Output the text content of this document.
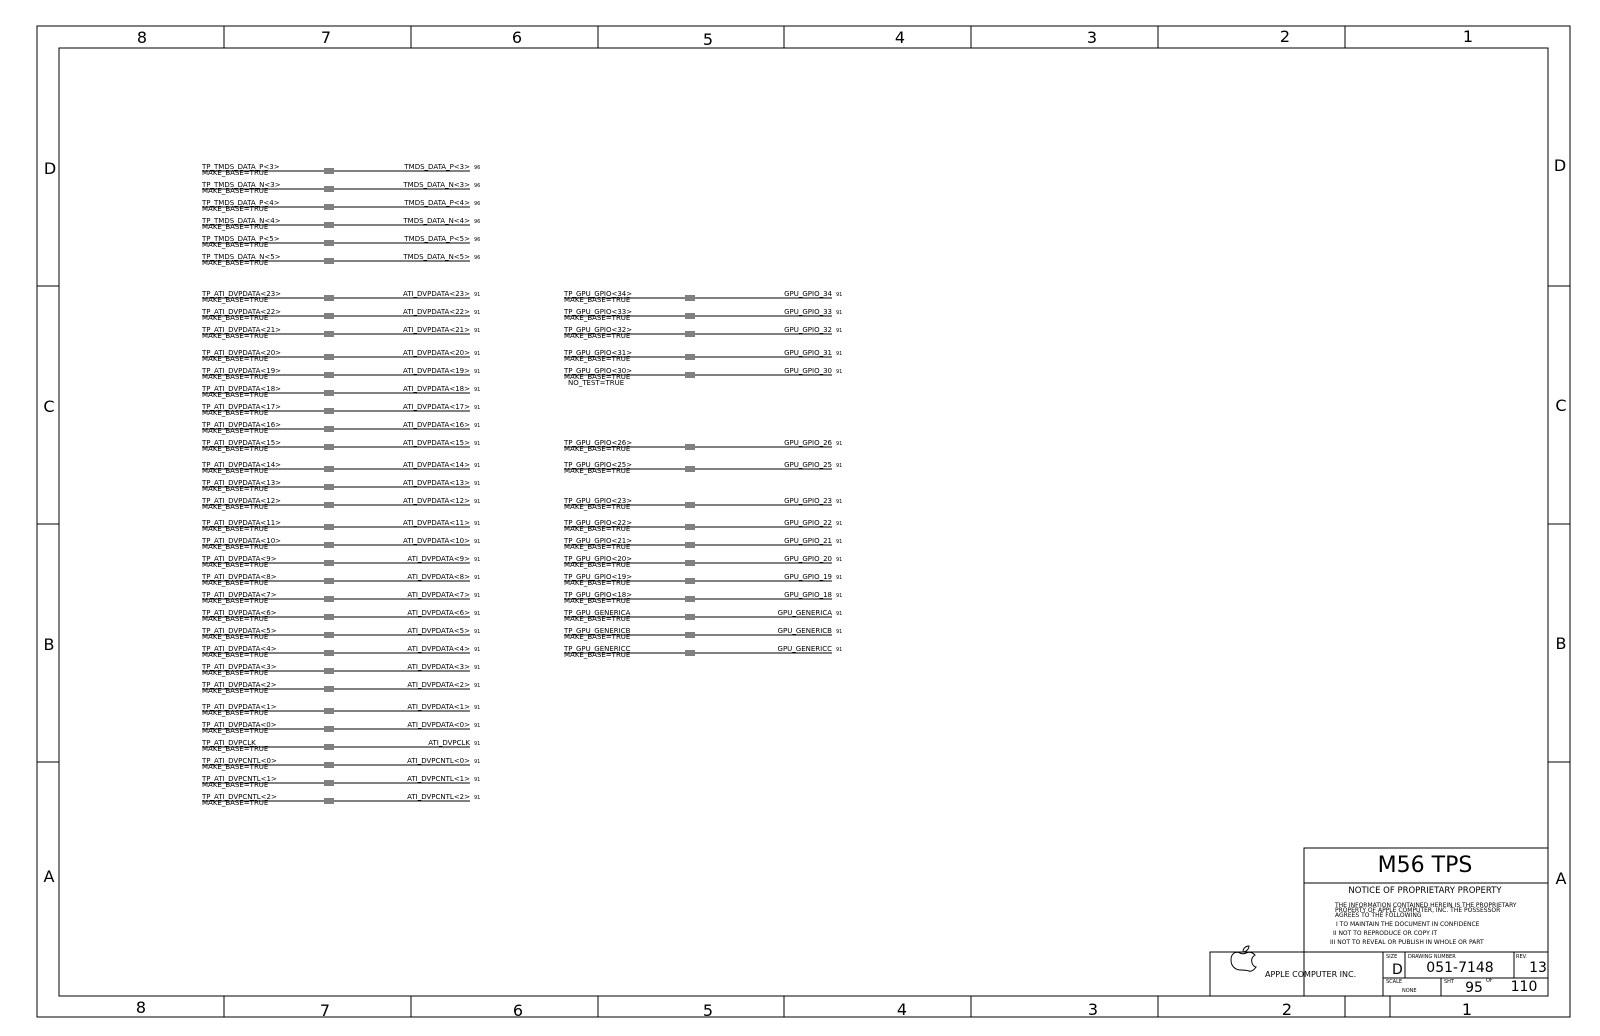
8	7	6	5	4	3	2	1
8	7	6	5	4	3	2	1
D
C
B
A
D
C
B
A
TP_TMDS_DATA_P<3>
MAKE_BASE=TRUE
TMDS_DATA_P<3> 96
TP_TMDS_DATA_N<3>
MAKE_BASE=TRUE
TMDS_DATA_N<3> 96
TP_TMDS_DATA_P<4>
MAKE_BASE=TRUE
TMDS_DATA_P<4> 96
TP_TMDS_DATA_N<4>
MAKE_BASE=TRUE
TMDS_DATA_N<4> 96
TP_TMDS_DATA_P<5>
MAKE_BASE=TRUE
TMDS_DATA_P<5> 96
TP_TMDS_DATA_N<5>
MAKE_BASE=TRUE
TMDS_DATA_N<5> 96
TP_ATI_DVPDATA<23>
MAKE_BASE=TRUE
ATI_DVPDATA<23> 91
TP_ATI_DVPDATA<22>
MAKE_BASE=TRUE
ATI_DVPDATA<22> 91
TP_ATI_DVPDATA<21>
MAKE_BASE=TRUE
ATI_DVPDATA<21> 91
TP_ATI_DVPDATA<20>
MAKE_BASE=TRUE
ATI_DVPDATA<20> 91
TP_ATI_DVPDATA<19>
MAKE_BASE=TRUE
ATI_DVPDATA<19> 91
TP_ATI_DVPDATA<18>
MAKE_BASE=TRUE
ATI_DVPDATA<18> 91
TP_ATI_DVPDATA<17>
MAKE_BASE=TRUE
ATI_DVPDATA<17> 91
TP_ATI_DVPDATA<16>
MAKE_BASE=TRUE
ATI_DVPDATA<16> 91
TP_ATI_DVPDATA<15>
MAKE_BASE=TRUE
ATI_DVPDATA<15> 91
TP_ATI_DVPDATA<14>
MAKE_BASE=TRUE
ATI_DVPDATA<14> 91
TP_ATI_DVPDATA<13>
MAKE_BASE=TRUE
ATI_DVPDATA<13> 91
TP_ATI_DVPDATA<12>
MAKE_BASE=TRUE
ATI_DVPDATA<12> 91
TP_ATI_DVPDATA<11>
MAKE_BASE=TRUE
ATI_DVPDATA<11> 91
TP_ATI_DVPDATA<10>
MAKE_BASE=TRUE
ATI_DVPDATA<10> 91
TP_ATI_DVPDATA<9>
MAKE_BASE=TRUE
ATI_DVPDATA<9> 91
TP_ATI_DVPDATA<8>
MAKE_BASE=TRUE
ATI_DVPDATA<8> 91
TP_ATI_DVPDATA<7>
MAKE_BASE=TRUE
ATI_DVPDATA<7> 91
TP_ATI_DVPDATA<6>
MAKE_BASE=TRUE
ATI_DVPDATA<6> 91
TP_ATI_DVPDATA<5>
MAKE_BASE=TRUE
ATI_DVPDATA<5> 91
TP_ATI_DVPDATA<4>
MAKE_BASE=TRUE
ATI_DVPDATA<4> 91
TP_ATI_DVPDATA<3>
MAKE_BASE=TRUE
ATI_DVPDATA<3> 91
TP_ATI_DVPDATA<2>
MAKE_BASE=TRUE
ATI_DVPDATA<2> 91
TP_ATI_DVPDATA<1>
MAKE_BASE=TRUE
ATI_DVPDATA<1> 91
TP_ATI_DVPDATA<0>
MAKE_BASE=TRUE
ATI_DVPDATA<0> 91
TP_ATI_DVPCLK
MAKE_BASE=TRUE
ATI_DVPCLK 91
TP_ATI_DVPCNTL<0>
MAKE_BASE=TRUE
ATI_DVPCNTL<0> 91
TP_ATI_DVPCNTL<1>
MAKE_BASE=TRUE
ATI_DVPCNTL<1> 91
TP_ATI_DVPCNTL<2>
MAKE_BASE=TRUE
ATI_DVPCNTL<2> 91
TP_GPU_GPIO<34>
MAKE_BASE=TRUE
GPU_GPIO_34 91
TP_GPU_GPIO<33>
MAKE_BASE=TRUE
GPU_GPIO_33 91
TP_GPU_GPIO<32>
MAKE_BASE=TRUE
GPU_GPIO_32 91
TP_GPU_GPIO<31>
MAKE_BASE=TRUE
GPU_GPIO_31 91
TP_GPU_GPIO<30>
MAKE_BASE=TRUE
NO_TEST=TRUE
GPU_GPIO_30 91
TP_GPU_GPIO<26>
MAKE_BASE=TRUE
GPU_GPIO_26 91
TP_GPU_GPIO<25>
MAKE_BASE=TRUE
GPU_GPIO_25 91
TP_GPU_GPIO<23>
MAKE_BASE=TRUE
GPU_GPIO_23 91
TP_GPU_GPIO<22>
MAKE_BASE=TRUE
GPU_GPIO_22 91
TP_GPU_GPIO<21>
MAKE_BASE=TRUE
GPU_GPIO_21 91
TP_GPU_GPIO<20>
MAKE_BASE=TRUE
GPU_GPIO_20 91
TP_GPU_GPIO<19>
MAKE_BASE=TRUE
GPU_GPIO_19 91
TP_GPU_GPIO<18>
MAKE_BASE=TRUE
GPU_GPIO_18 91
TP_GPU_GENERICA
MAKE_BASE=TRUE
GPU_GENERICA 91
TP_GPU_GENERICB
MAKE_BASE=TRUE
GPU_GENERICB 91
TP_GPU_GENERICC
MAKE_BASE=TRUE
GPU_GENERICC 91
M56 TPS
NOTICE OF PROPRIETARY PROPERTY
THE INFORMATION CONTAINED HEREIN IS THE PROPRIETARY
PROPERTY OF APPLE COMPUTER, INC. THE POSSESSOR
AGREES TO THE FOLLOWING
I TO MAINTAIN THE DOCUMENT IN CONFIDENCE
II NOT TO REPRODUCE OR COPY IT
III NOT TO REVEAL OR PUBLISH IN WHOLE OR PART
APPLE COMPUTER INC.
SIZE
D
DRAWING NUMBER
051-7148
REV.
13
SCALE
NONE
SHT 95 OF 110
